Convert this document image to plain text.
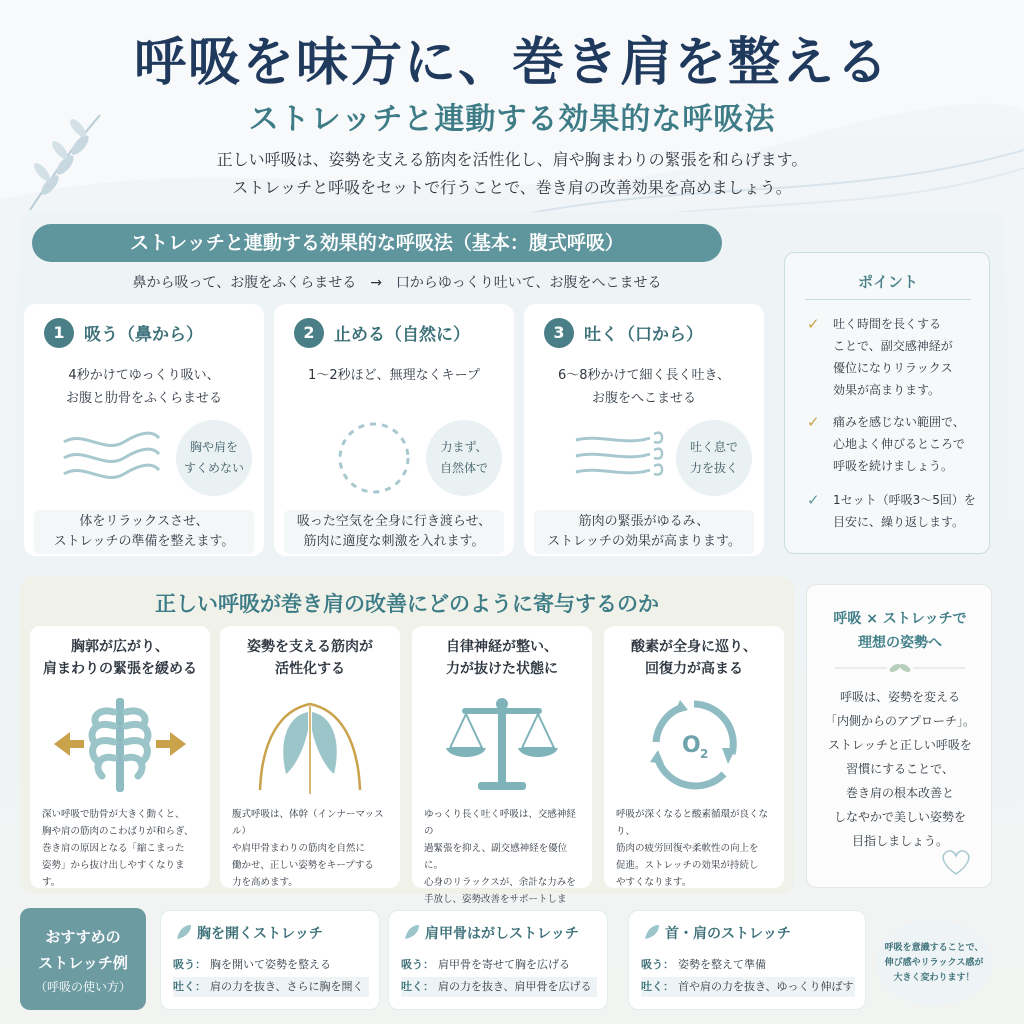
呼吸を味方に、巻き肩を整える
ストレッチと連動する効果的な呼吸法
正しい呼吸は、姿勢を支える筋肉を活性化し、肩や胸まわりの緊張を和らげます。
ストレッチと呼吸をセットで行うことで、巻き肩の改善効果を高めましょう。
ストレッチと連動する効果的な呼吸法（基本：腹式呼吸）
鼻から吸って、お腹をふくらませる　→　口からゆっくり吐いて、お腹をへこませる
1	吸う（鼻から）
4秒かけてゆっくり吸い、
お腹と肋骨をふくらませる
胸や肩を
すくめない
体をリラックスさせ、
ストレッチの準備を整えます。
2	止める（自然に）
1〜2秒ほど、無理なくキープ
力まず、
自然体で
吸った空気を全身に行き渡らせ、
筋肉に適度な刺激を入れます。
3	吐く（口から）
6〜8秒かけて細く長く吐き、
お腹をへこませる
吐く息で
力を抜く
筋肉の緊張がゆるみ、
ストレッチの効果が高まります。
ポイント
✓ 吐く時間を長くする
ことで、副交感神経が
優位になりリラックス
効果が高まります。
✓ 痛みを感じない範囲で、
心地よく伸びるところで
呼吸を続けましょう。
✓ 1セット（呼吸3〜5回）を
目安に、繰り返します。
正しい呼吸が巻き肩の改善にどのように寄与するのか
胸郭が広がり、
肩まわりの緊張を緩める
深い呼吸で肋骨が大きく動くと、
胸や肩の筋肉のこわばりが和らぎ、
巻き肩の原因となる「縮こまった
姿勢」から抜け出しやすくなります。
姿勢を支える筋肉が
活性化する
腹式呼吸は、体幹（インナーマッスル）
や肩甲骨まわりの筋肉を自然に
働かせ、正しい姿勢をキープする
力を高めます。
自律神経が整い、
力が抜けた状態に
ゆっくり長く吐く呼吸は、交感神経の
過緊張を抑え、副交感神経を優位に。
心身のリラックスが、余計な力みを
手放し、姿勢改善をサポートしま
酸素が全身に巡り、
回復力が高まる
O 2
呼吸が深くなると酸素循環が良くなり、
筋肉の疲労回復や柔軟性の向上を
促進。ストレッチの効果が持続し
やすくなります。
呼吸 × ストレッチで
理想の姿勢へ
呼吸は、姿勢を変える
「内側からのアプローチ」。
ストレッチと正しい呼吸を
習慣にすることで、
巻き肩の根本改善と
しなやかで美しい姿勢を
目指しましょう。
おすすめの
ストレッチ例
（呼吸の使い方）
胸を開くストレッチ
吸う： 胸を開いて姿勢を整える
吐く： 肩の力を抜き、さらに胸を開く
肩甲骨はがしストレッチ
吸う： 肩甲骨を寄せて胸を広げる
吐く： 肩の力を抜き、肩甲骨を広げる
首・肩のストレッチ
吸う： 姿勢を整えて準備
吐く： 首や肩の力を抜き、ゆっくり伸ばす
呼吸を意識することで、
伸び感やリラックス感が
大きく変わります！
